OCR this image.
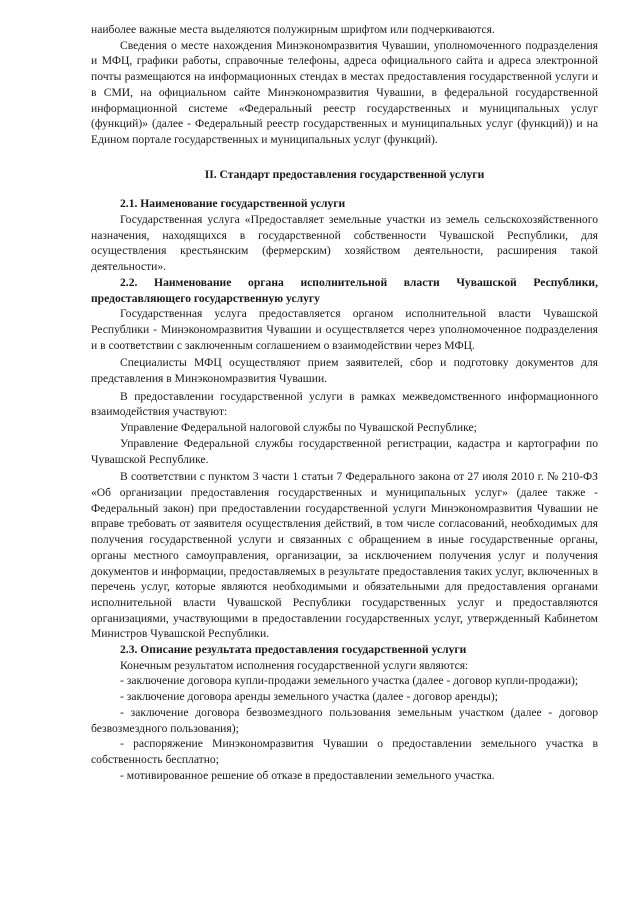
наиболее важные места выделяются полужирным шрифтом или подчеркиваются.

Сведения о месте нахождения Минэкономразвития Чувашии, уполномоченного подразделения и МФЦ, графики работы, справочные телефоны, адреса официального сайта и адреса электронной почты размещаются на информационных стендах в местах предоставления государственной услуги и в СМИ, на официальном сайте Минэкономразвития Чувашии, в федеральной государственной информационной системе «Федеральный реестр государственных и муниципальных услуг (функций)» (далее - Федеральный реестр государственных и муниципальных услуг (функций)) и на Едином портале государственных и муниципальных услуг (функций).

II. Стандарт предоставления государственной услуги

2.1. Наименование государственной услуги

Государственная услуга «Предоставляет земельные участки из земель сельскохозяйственного назначения, находящихся в государственной собственности Чувашской Республики, для осуществления крестьянским (фермерским) хозяйством деятельности, расширения такой деятельности».

2.2. Наименование органа исполнительной власти Чувашской Республики, предоставляющего государственную услугу

Государственная услуга предоставляется органом исполнительной власти Чувашской Республики - Минэкономразвития Чувашии и осуществляется через уполномоченное подразделения и в соответствии с заключенным соглашением о взаимодействии через МФЦ.

Специалисты МФЦ осуществляют прием заявителей, сбор и подготовку документов для представления в Минэкономразвития Чувашии.

В предоставлении государственной услуги в рамках межведомственного информационного взаимодействия участвуют:

Управление Федеральной налоговой службы по Чувашской Республике;

Управление Федеральной службы государственной регистрации, кадастра и картографии по Чувашской Республике.

В соответствии с пунктом 3 части 1 статьи 7 Федерального закона от 27 июля 2010 г. № 210-ФЗ «Об организации предоставления государственных и муниципальных услуг» (далее также - Федеральный закон) при предоставлении государственной услуги Минэкономразвития Чувашии не вправе требовать от заявителя осуществления действий, в том числе согласований, необходимых для получения государственной услуги и связанных с обращением в иные государственные органы, органы местного самоуправления, организации, за исключением получения услуг и получения документов и информации, предоставляемых в результате предоставления таких услуг, включенных в перечень услуг, которые являются необходимыми и обязательными для предоставления органами исполнительной власти Чувашской Республики государственных услуг и предоставляются организациями, участвующими в предоставлении государственных услуг, утвержденный Кабинетом Министров Чувашской Республики.

2.3. Описание результата предоставления государственной услуги

Конечным результатом исполнения государственной услуги являются:

- заключение договора купли-продажи земельного участка (далее - договор купли-продажи);

- заключение договора аренды земельного участка (далее - договор аренды);

- заключение договора безвозмездного пользования земельным участком (далее - договор безвозмездного пользования);

- распоряжение Минэкономразвития Чувашии о предоставлении земельного участка в собственность бесплатно;

- мотивированное решение об отказе в предоставлении земельного участка.
